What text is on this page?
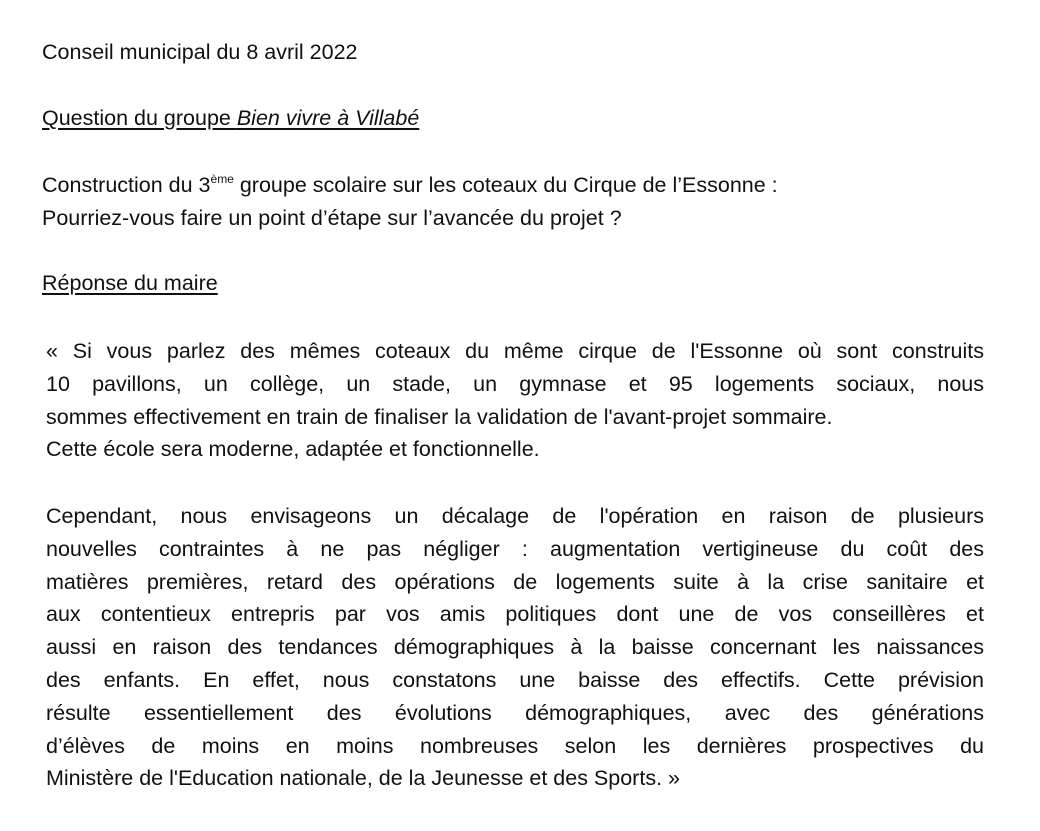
Conseil municipal du 8 avril 2022
Question du groupe Bien vivre à Villabé
Construction du 3ème groupe scolaire sur les coteaux du Cirque de l’Essonne :
Pourriez-vous faire un point d’étape sur l’avancée du projet ?
Réponse du maire
« Si vous parlez des mêmes coteaux du même cirque de l'Essonne où sont construits
10 pavillons, un collège, un stade, un gymnase et 95 logements sociaux, nous
sommes effectivement en train de finaliser la validation de l'avant-projet sommaire.
Cette école sera moderne, adaptée et fonctionnelle.
Cependant, nous envisageons un décalage de l'opération en raison de plusieurs
nouvelles contraintes à ne pas négliger : augmentation vertigineuse du coût des
matières premières, retard des opérations de logements suite à la crise sanitaire et
aux contentieux entrepris par vos amis politiques dont une de vos conseillères et
aussi en raison des tendances démographiques à la baisse concernant les naissances
des enfants. En effet, nous constatons une baisse des effectifs. Cette prévision
résulte essentiellement des évolutions démographiques, avec des générations
d’élèves de moins en moins nombreuses selon les dernières prospectives du
Ministère de l'Education nationale, de la Jeunesse et des Sports. »
